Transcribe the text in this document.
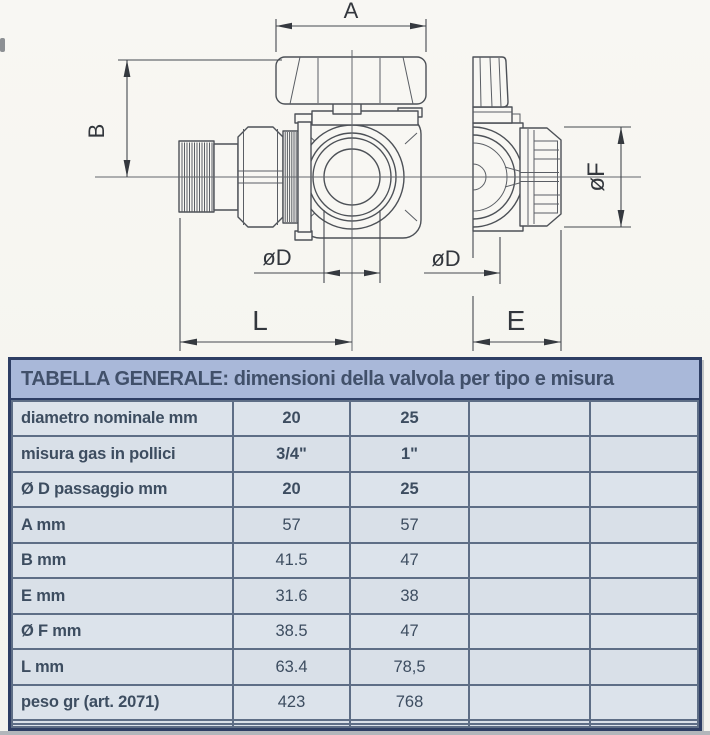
A
B
øD
L
øD
E
øF
TABELLA GENERALE: dimensioni della valvola per tipo e misura
diametro nominale mm	20	25		
misura gas in pollici	3/4"	1"		
Ø D passaggio mm	20	25		
A mm	57	57		
B mm	41.5	47		
E mm	31.6	38		
Ø F mm	38.5	47		
L mm	63.4	78,5		
peso gr (art. 2071)	423	768		
